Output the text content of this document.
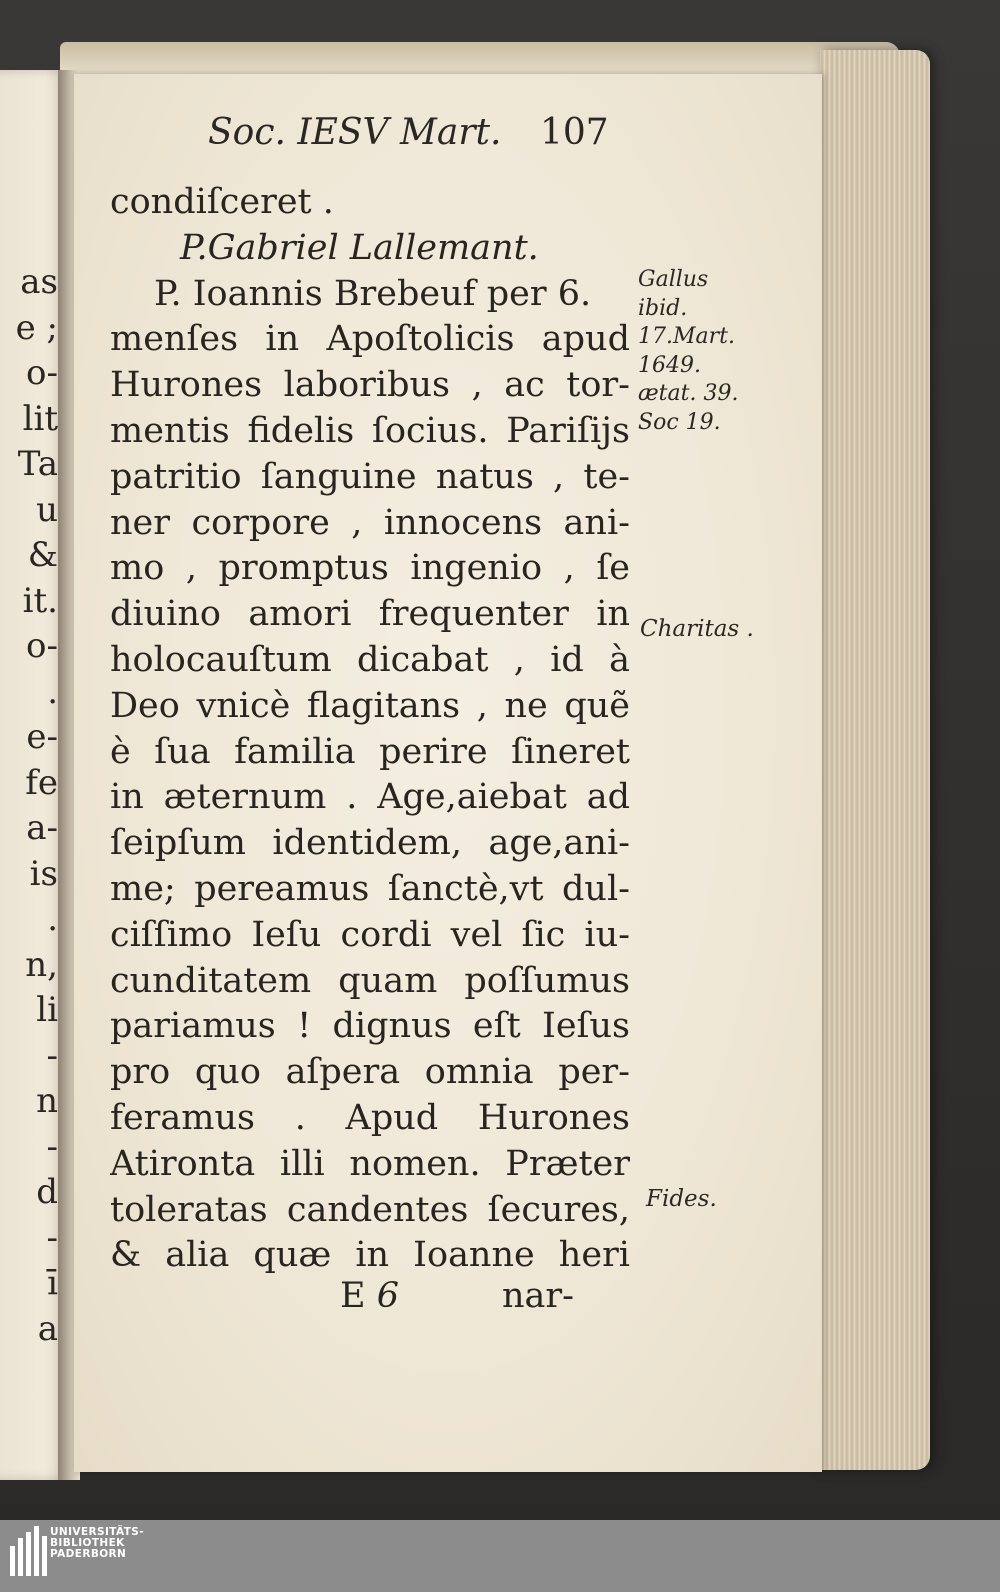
as
e ;
o-
lit
Ta
u
&
it.
o-
.
e-
fe
a-
is
.
n,
li
-
n
-
d
-
ī
a
Soc. IESV Mart. 107
condiſceret .
P.Gabriel Lallemant.
P. Ioannis Brebeuf per 6.
menſes in Apoſtolicis apud
Hurones laboribus , ac tor-
mentis fidelis ſocius. Pariſijs
patritio ſanguine natus , te-
ner corpore , innocens ani-
mo , promptus ingenio , ſe
diuino amori frequenter in
holocauſtum dicabat , id à
Deo vnicè flagitans , ne quẽ
è ſua familia perire ſineret
in æternum . Age,aiebat ad
ſeipſum identidem, age,ani-
me; pereamus ſanctè,vt dul-
ciſſimo Ieſu cordi vel ſic iu-
cunditatem quam poſſumus
pariamus ! dignus eſt Ieſus
pro quo aſpera omnia per-
feramus . Apud Hurones
Atironta illi nomen. Præter
toleratas candentes ſecures,
& alia quæ in Ioanne heri
Gallus
ibid.
17.Mart.
1649.
ætat. 39.
Soc 19.
Charitas .
Fides.
E 6	nar-
UNIVERSITÄTS-
BIBLIOTHEK
PADERBORN
